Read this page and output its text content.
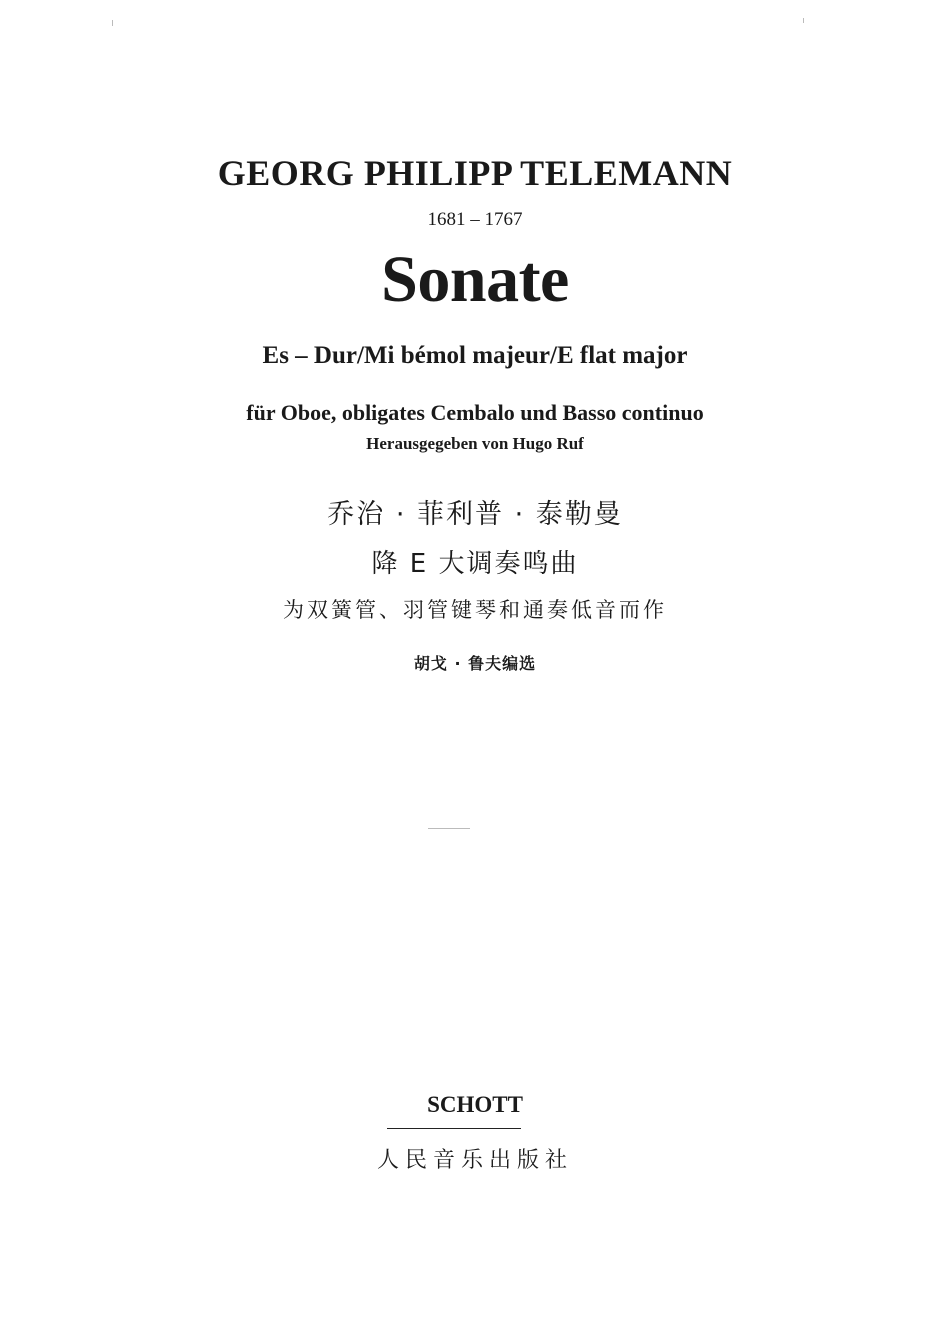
GEORG PHILIPP TELEMANN

1681 – 1767

Sonate

Es – Dur/Mi bémol majeur/E flat major

für Oboe, obligates Cembalo und Basso continuo

Herausgegeben von Hugo Ruf

乔治 · 菲利普 · 泰勒曼

降 E 大调奏鸣曲

为双簧管、羽管键琴和通奏低音而作

胡戈 · 鲁夫编选

SCHOTT

人民音乐出版社
